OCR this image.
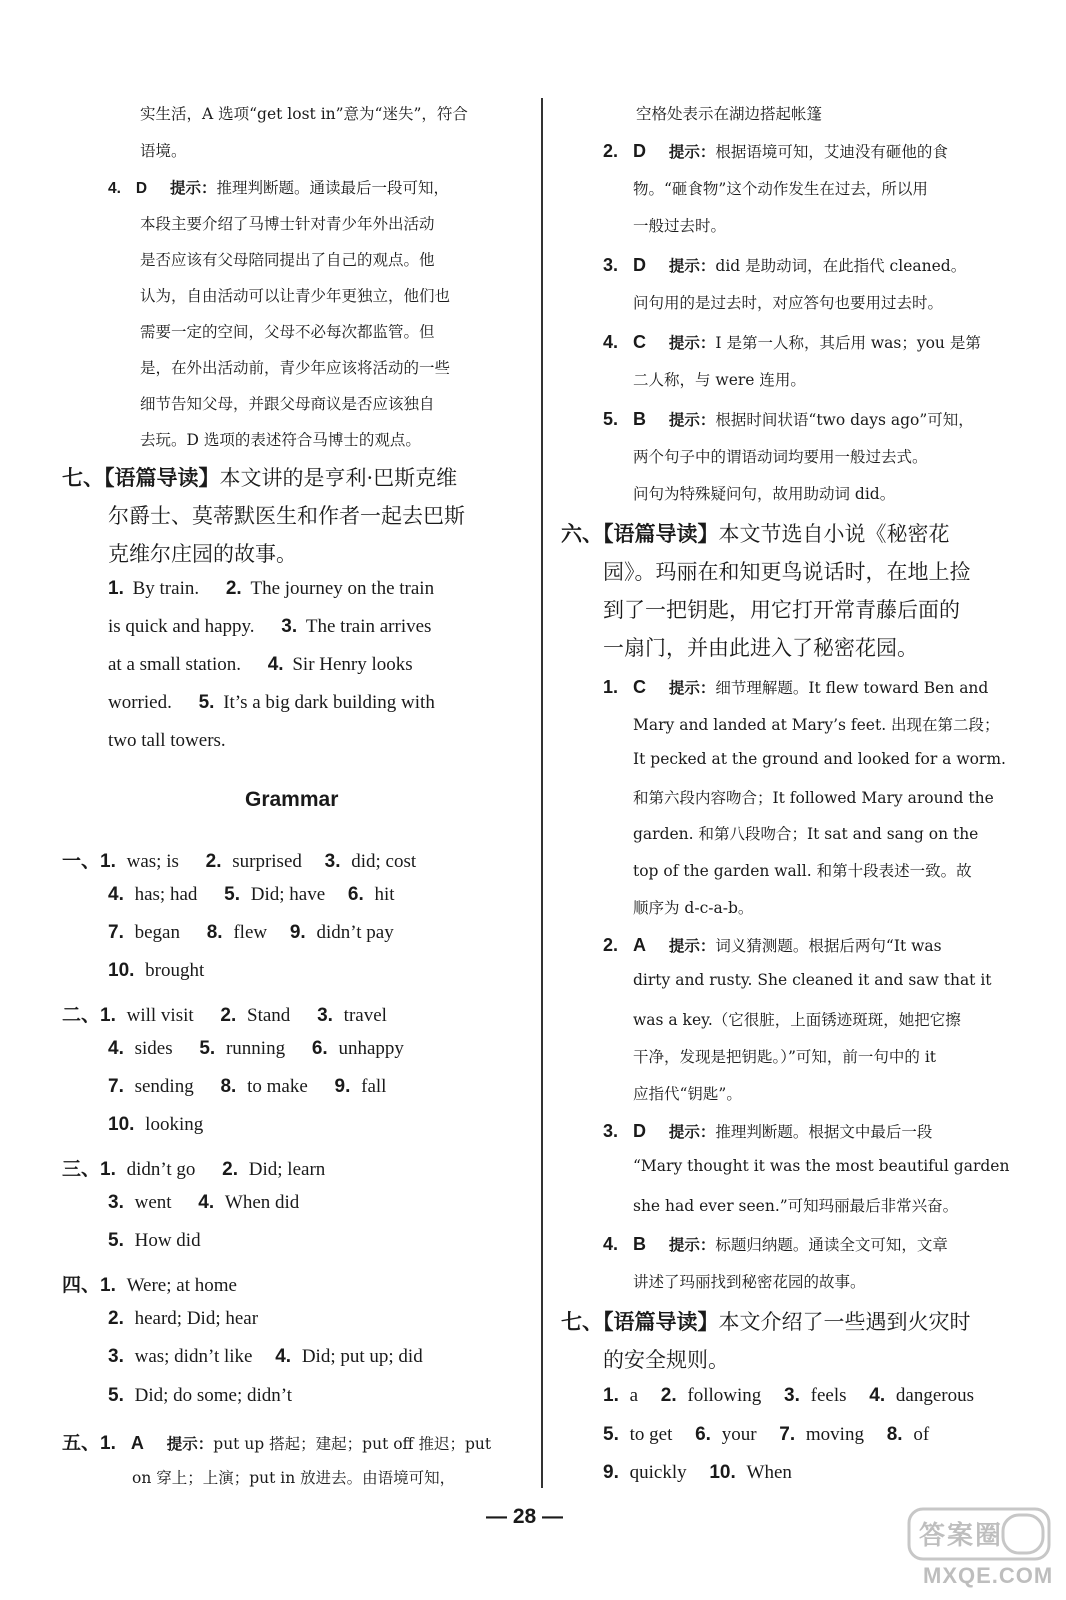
实生活，A 选项“get lost in”意为“迷失”，符合
语境。
4. D 提示：推理判断题。通读最后一段可知，
本段主要介绍了马博士针对青少年外出活动
是否应该有父母陪同提出了自己的观点。他
认为，自由活动可以让青少年更独立，他们也
需要一定的空间，父母不必每次都监管。但
是，在外出活动前，青少年应该将活动的一些
细节告知父母，并跟父母商议是否应该独自
去玩。D 选项的表述符合马博士的观点。
七、【语篇导读】本文讲的是亨利·巴斯克维
尔爵士、莫蒂默医生和作者一起去巴斯
克维尔庄园的故事。
1. By train. 2. The journey on the train
is quick and happy. 3. The train arrives
at a small station. 4. Sir Henry looks
worried. 5. It’s a big dark building with
two tall towers.
Grammar
一、1. was; is 2. surprised 3. did; cost
4. has; had 5. Did; have 6. hit
7. began 8. flew 9. didn’t pay
10. brought
二、1. will visit 2. Stand 3. travel
4. sides 5. running 6. unhappy
7. sending 8. to make 9. fall
10. looking
三、1. didn’t go 2. Did; learn
3. went 4. When did
5. How did
四、1. Were; at home
2. heard; Did; hear
3. was; didn’t like 4. Did; put up; did
5. Did; do some; didn’t
五、1. A 提示：put up 搭起；建起；put off 推迟；put
on 穿上；上演；put in 放进去。由语境可知，
空格处表示在湖边搭起帐篷
2. D 提示：根据语境可知，艾迪没有砸他的食
物。“砸食物”这个动作发生在过去，所以用
一般过去时。
3. D 提示：did 是助动词，在此指代 cleaned。
问句用的是过去时，对应答句也要用过去时。
4. C 提示：I 是第一人称，其后用 was；you 是第
二人称，与 were 连用。
5. B 提示：根据时间状语“two days ago”可知，
两个句子中的谓语动词均要用一般过去式。
问句为特殊疑问句，故用助动词 did。
六、【语篇导读】本文节选自小说《秘密花
园》。玛丽在和知更鸟说话时，在地上捡
到了一把钥匙，用它打开常青藤后面的
一扇门，并由此进入了秘密花园。
1. C 提示：细节理解题。It flew toward Ben and
Mary and landed at Mary’s feet. 出现在第二段；
It pecked at the ground and looked for a worm.
和第六段内容吻合；It followed Mary around the
garden. 和第八段吻合；It sat and sang on the
top of the garden wall. 和第十段表述一致。故
顺序为 d-c-a-b。
2. A 提示：词义猜测题。根据后两句“It was
dirty and rusty. She cleaned it and saw that it
was a key.（它很脏，上面锈迹斑斑，她把它擦
干净，发现是把钥匙。）”可知，前一句中的 it
应指代“钥匙”。
3. D 提示：推理判断题。根据文中最后一段
“Mary thought it was the most beautiful garden
she had ever seen.”可知玛丽最后非常兴奋。
4. B 提示：标题归纳题。通读全文可知，文章
讲述了玛丽找到秘密花园的故事。
七、【语篇导读】本文介绍了一些遇到火灾时
的安全规则。
1. a 2. following 3. feels 4. dangerous
5. to get 6. your 7. moving 8. of
9. quickly 10. When
— 28 —
答案圈
MXQE.COM
